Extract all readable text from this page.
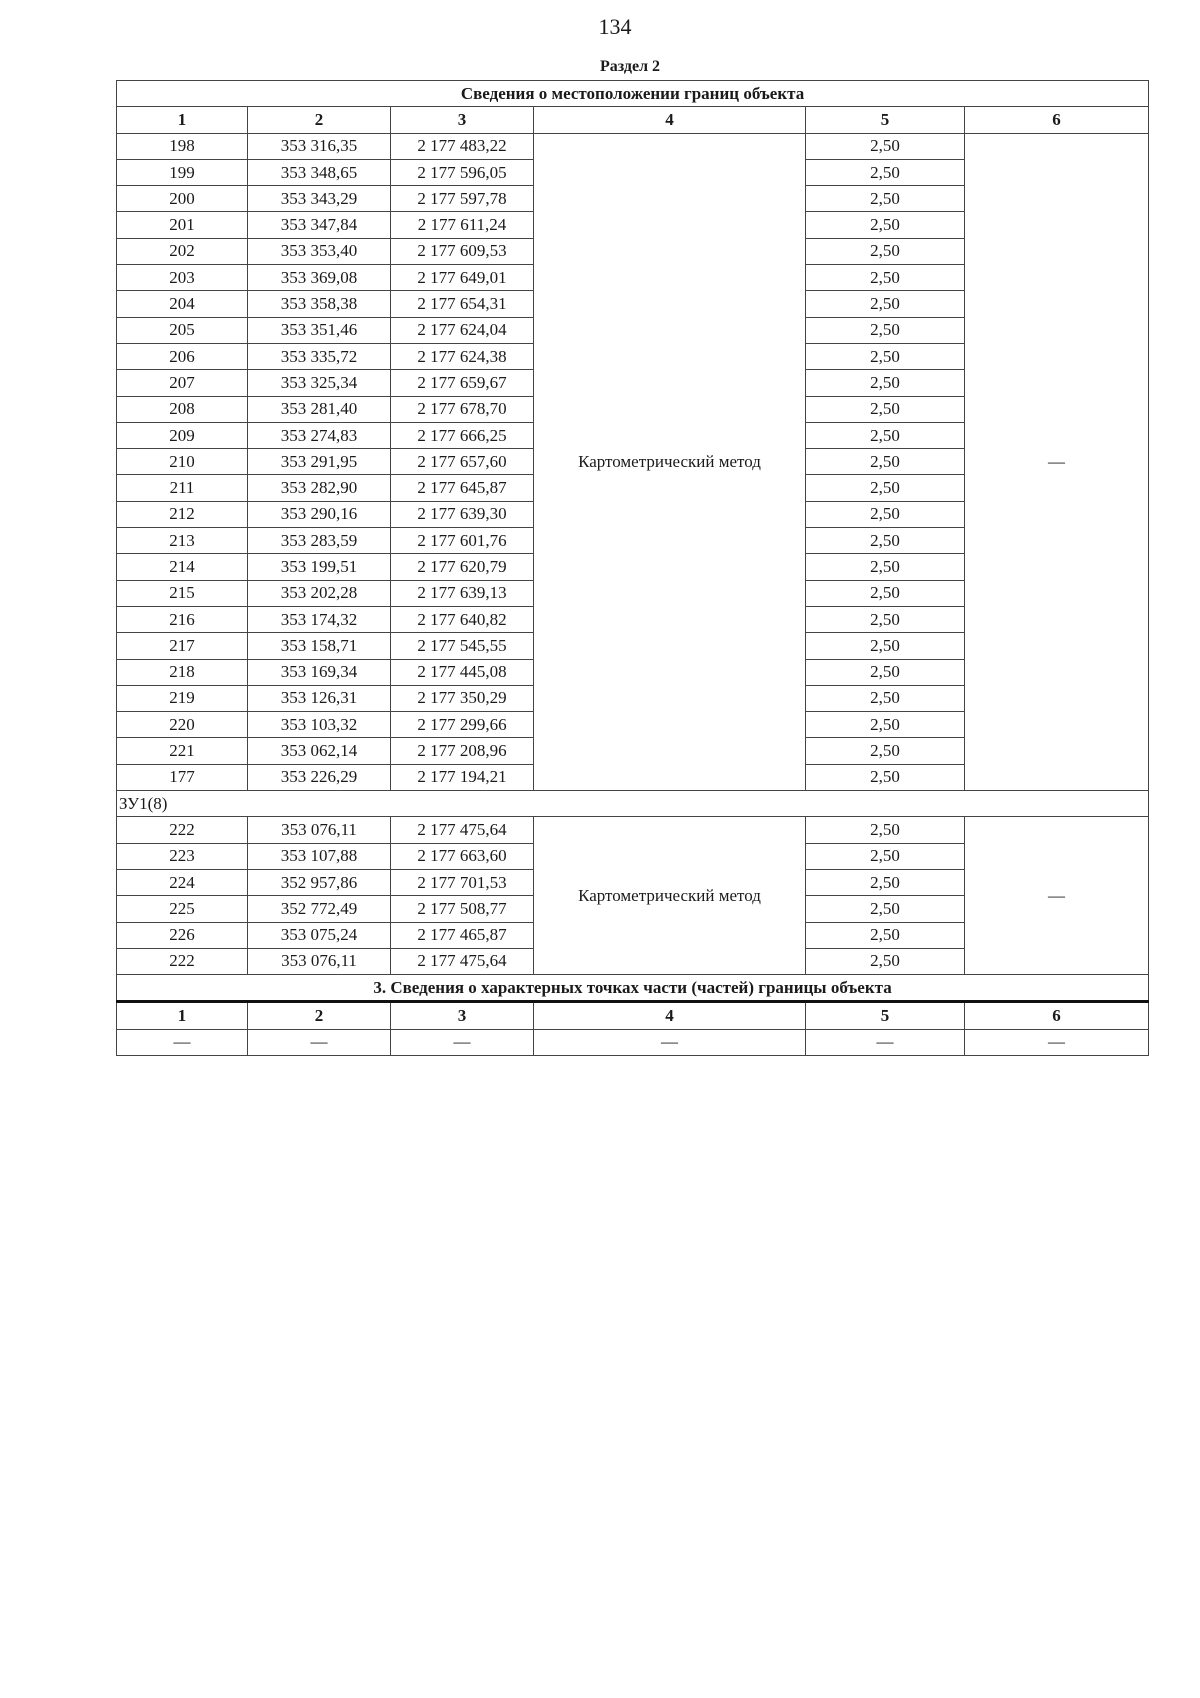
134
Раздел 2
Сведения о местоположении границ объекта					
1	2	3	4	5	6
198	353 316,35	2 177 483,22	Картометрический метод	2,50	—
199	353 348,65	2 177 596,05		2,50	
200	353 343,29	2 177 597,78		2,50	
201	353 347,84	2 177 611,24		2,50	
202	353 353,40	2 177 609,53		2,50	
203	353 369,08	2 177 649,01		2,50	
204	353 358,38	2 177 654,31		2,50	
205	353 351,46	2 177 624,04		2,50	
206	353 335,72	2 177 624,38		2,50	
207	353 325,34	2 177 659,67		2,50	
208	353 281,40	2 177 678,70		2,50	
209	353 274,83	2 177 666,25		2,50	
210	353 291,95	2 177 657,60		2,50	
211	353 282,90	2 177 645,87		2,50	
212	353 290,16	2 177 639,30		2,50	
213	353 283,59	2 177 601,76		2,50	
214	353 199,51	2 177 620,79		2,50	
215	353 202,28	2 177 639,13		2,50	
216	353 174,32	2 177 640,82		2,50	
217	353 158,71	2 177 545,55		2,50	
218	353 169,34	2 177 445,08		2,50	
219	353 126,31	2 177 350,29		2,50	
220	353 103,32	2 177 299,66		2,50	
221	353 062,14	2 177 208,96		2,50	
177	353 226,29	2 177 194,21		2,50	
ЗУ1(8)					
222	353 076,11	2 177 475,64	Картометрический метод	2,50	—
223	353 107,88	2 177 663,60		2,50	
224	352 957,86	2 177 701,53		2,50	
225	352 772,49	2 177 508,77		2,50	
226	353 075,24	2 177 465,87		2,50	
222	353 076,11	2 177 475,64		2,50	
3. Сведения о характерных точках части (частей) границы объекта					
1	2	3	4	5	6
—	—	—	—	—	—
